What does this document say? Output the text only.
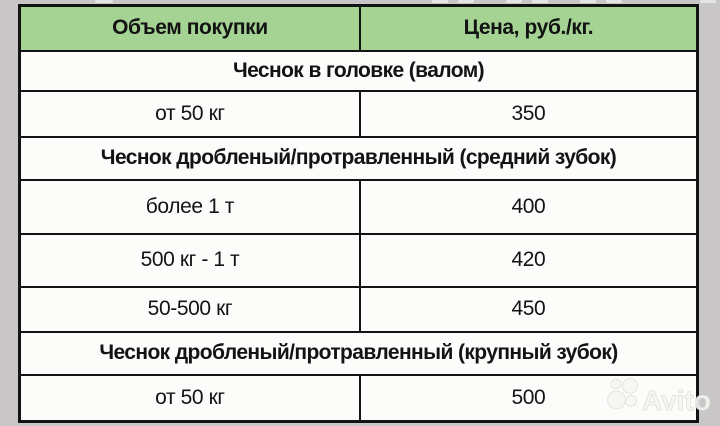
Объем покупки	Цена, руб./кг.
Чеснок в головке (валом)	
от 50 кг	350
Чеснок дробленый/протравленный (средний зубок)	
более 1 т	400
500 кг - 1 т	420
50-500 кг	450
Чеснок дробленый/протравленный (крупный зубок)	
от 50 кг	500	Avito
